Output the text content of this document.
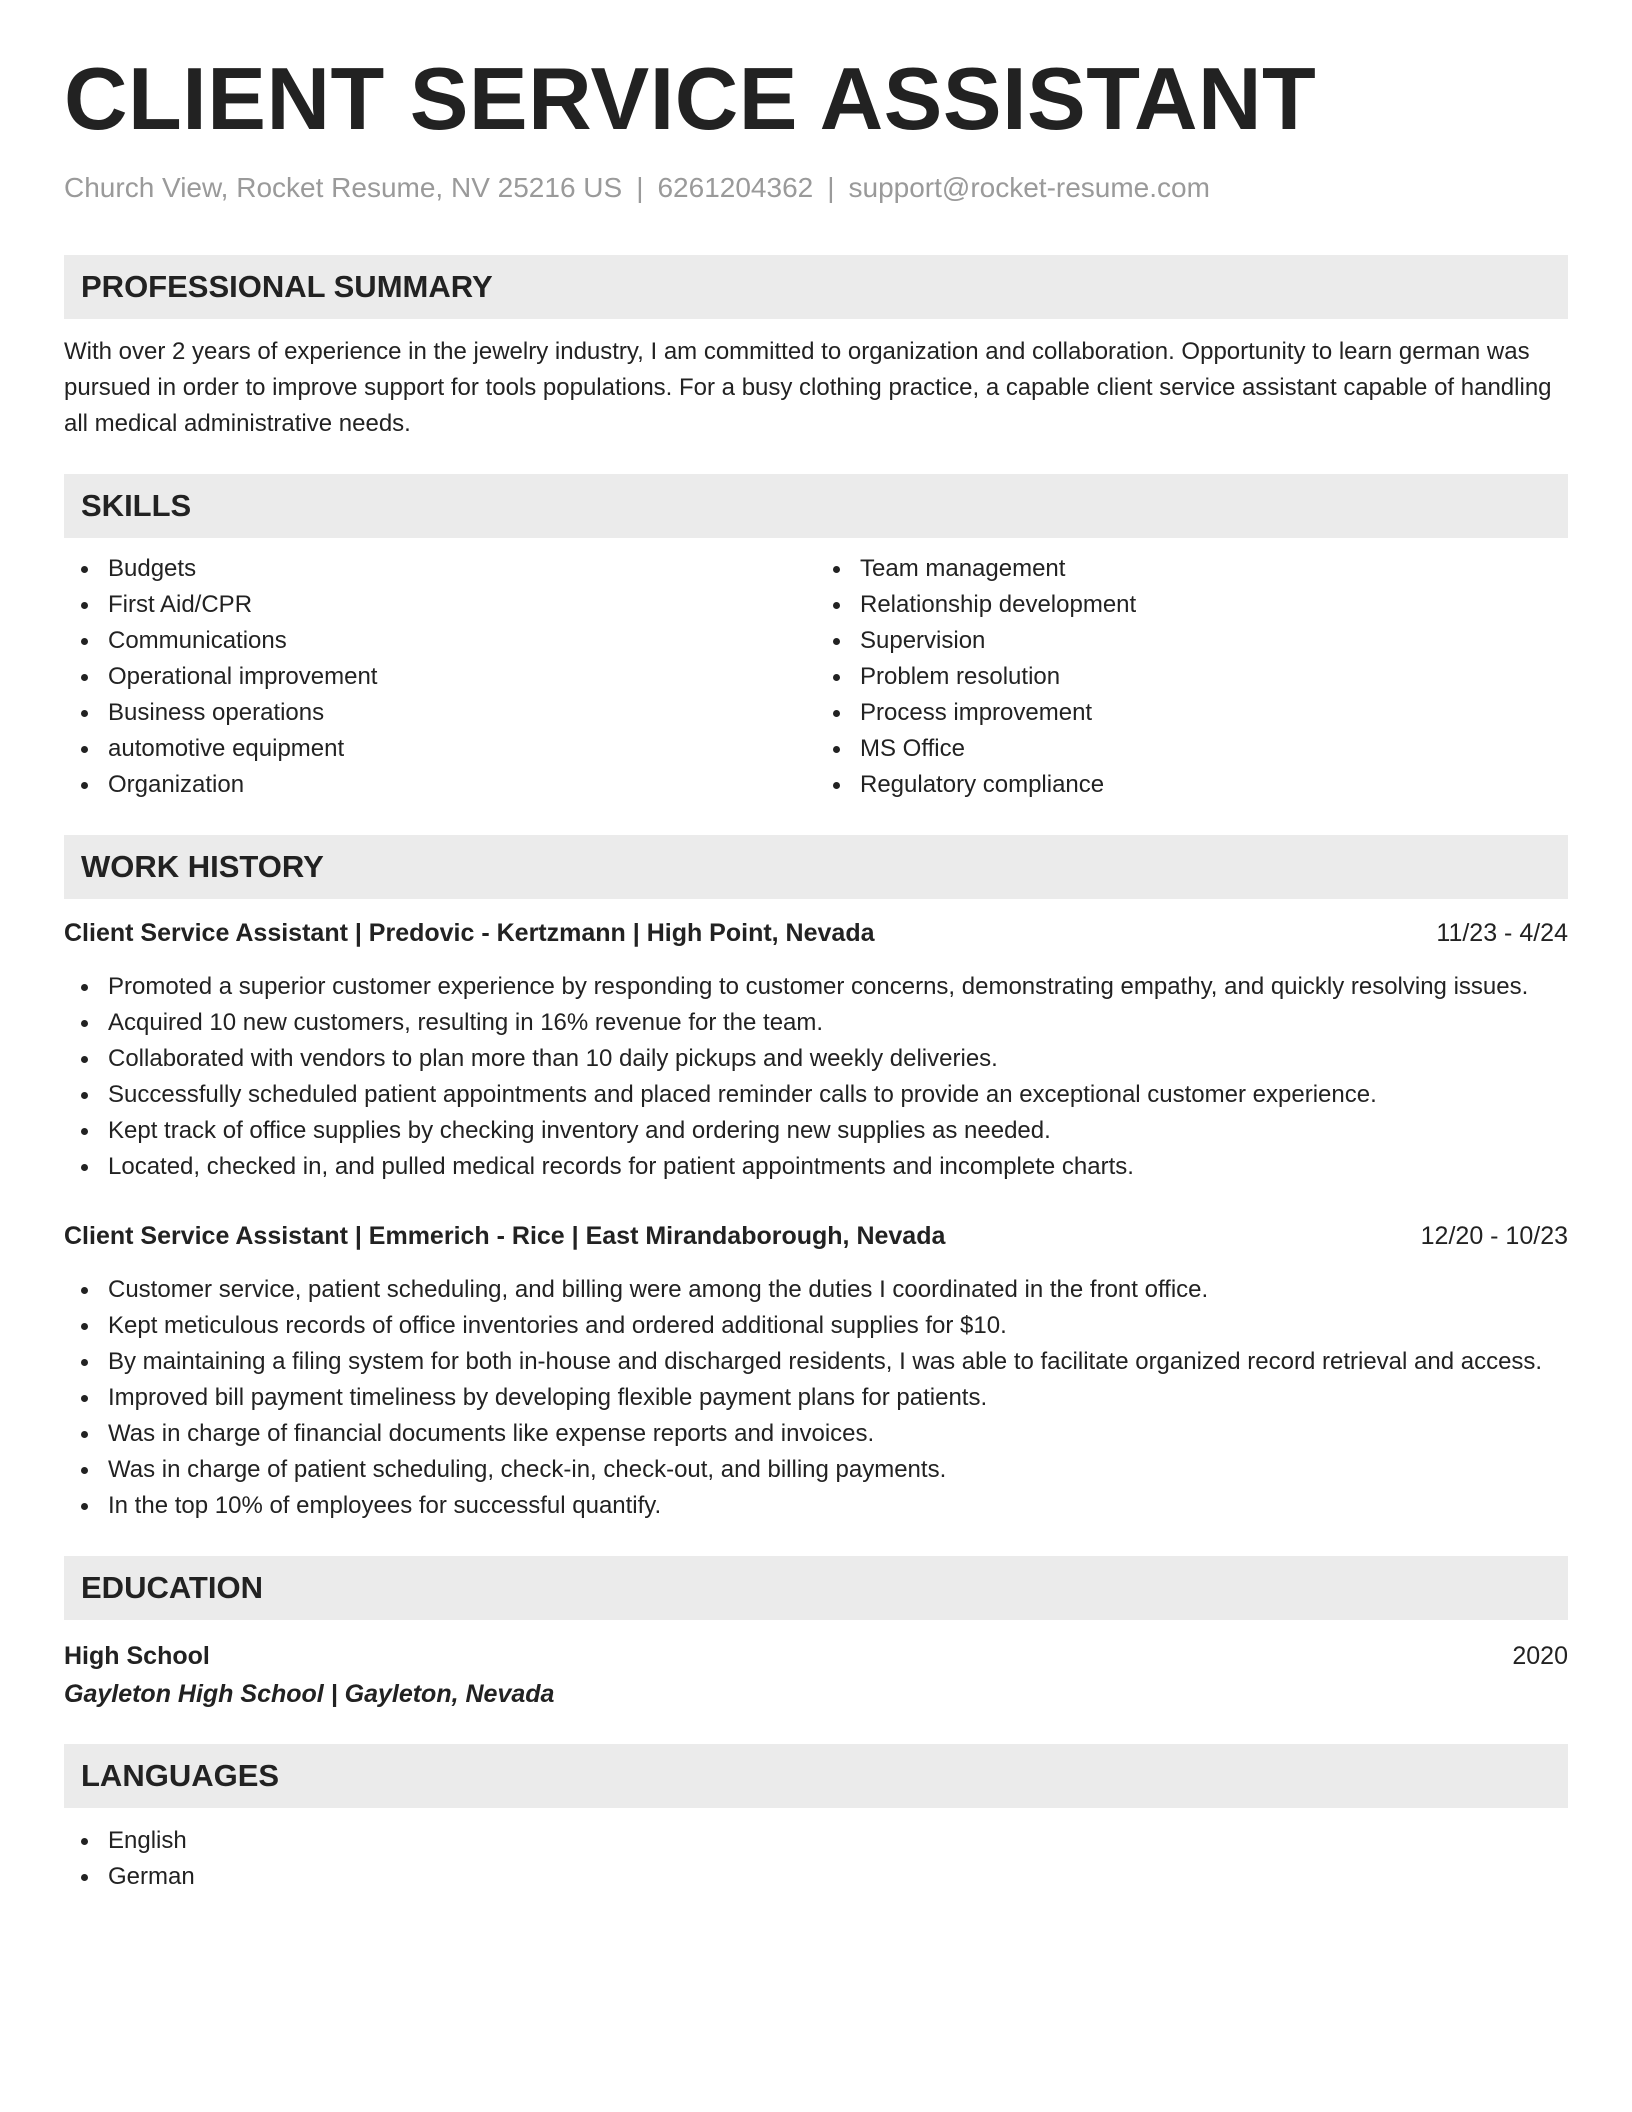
CLIENT SERVICE ASSISTANT
Church View, Rocket Resume, NV 25216 US | 6261204362 | support@rocket-resume.com
PROFESSIONAL SUMMARY

With over 2 years of experience in the jewelry industry, I am committed to organization and collaboration. Opportunity to learn german was pursued in order to improve support for tools populations. For a busy clothing practice, a capable client service assistant capable of handling all medical administrative needs.

SKILLS
Budgets
First Aid/CPR
Communications
Operational improvement
Business operations
automotive equipment
Organization
Team management
Relationship development
Supervision
Problem resolution
Process improvement
MS Office
Regulatory compliance
WORK HISTORY
Client Service Assistant | Predovic - Kertzmann | High Point, Nevada	11/23 - 4/24
Promoted a superior customer experience by responding to customer concerns, demonstrating empathy, and quickly resolving issues.
Acquired 10 new customers, resulting in 16% revenue for the team.
Collaborated with vendors to plan more than 10 daily pickups and weekly deliveries.
Successfully scheduled patient appointments and placed reminder calls to provide an exceptional customer experience.
Kept track of office supplies by checking inventory and ordering new supplies as needed.
Located, checked in, and pulled medical records for patient appointments and incomplete charts.
Client Service Assistant | Emmerich - Rice | East Mirandaborough, Nevada	12/20 - 10/23
Customer service, patient scheduling, and billing were among the duties I coordinated in the front office.
Kept meticulous records of office inventories and ordered additional supplies for $10.
By maintaining a filing system for both in-house and discharged residents, I was able to facilitate organized record retrieval and access.
Improved bill payment timeliness by developing flexible payment plans for patients.
Was in charge of financial documents like expense reports and invoices.
Was in charge of patient scheduling, check-in, check-out, and billing payments.
In the top 10% of employees for successful quantify.
EDUCATION
High School	2020
Gayleton High School | Gayleton, Nevada
LANGUAGES
English
German
